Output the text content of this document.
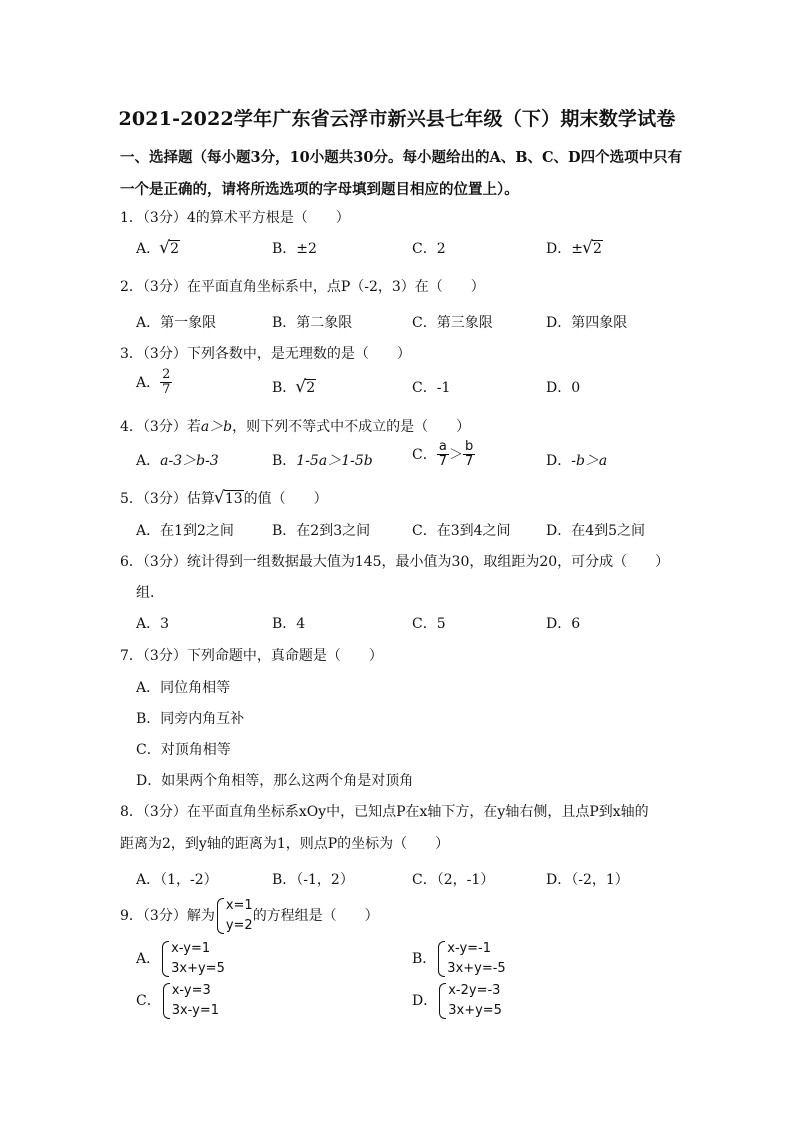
2021-2022学年广东省云浮市新兴县七年级（下）期末数学试卷
一、选择题（每小题3分，10小题共30分。每小题给出的A、B、C、D四个选项中只有
一个是正确的，请将所选选项的字母填到题目相应的位置上）。
1．（3分）4的算术平方根是（　　）
A． √ 2	B．±2	C．2	D．± √ 2
2．（3分）在平面直角坐标系中，点P（-2，3）在（　　）
A．第一象限	B．第二象限	C．第三象限	D．第四象限
3．（3分）下列各数中，是无理数的是（　　）
A． $\frac{2}{7}$	B． √ 2	C．-1	D．0
4．（3分）若a＞b，则下列不等式中不成立的是（　　）
A．a-3＞b-3	B．1-5a＞1-5b	C． $\frac{a}{7} > \frac{b}{7}$	D．-b＞a
5．（3分）估算 √ 13的值（　　）
A．在1到2之间	B．在2到3之间	C．在3到4之间	D．在4到5之间
6．（3分）统计得到一组数据最大值为145，最小值为30，取组距为20，可分成（　　）
组．
A．3	B．4	C．5	D．6
7．（3分）下列命题中，真命题是（　　）
A．同位角相等
B．同旁内角互补
C．对顶角相等
D．如果两个角相等，那么这两个角是对顶角
8．（3分）在平面直角坐标系xOy中，已知点P在x轴下方，在y轴右侧，且点P到x轴的
距离为2，到y轴的距离为1，则点P的坐标为（　　）
A．（1，-2）	B．（-1，2）	C．（2，-1）	D．（-2，1）
9．（3分）解为
x=1
y=2
的方程组是（　　）
A．
x-y=1
3x+y=5
B．
x-y=-1
3x+y=-5
C．
x-y=3
3x-y=1
D．
x-2y=-3
3x+y=5
